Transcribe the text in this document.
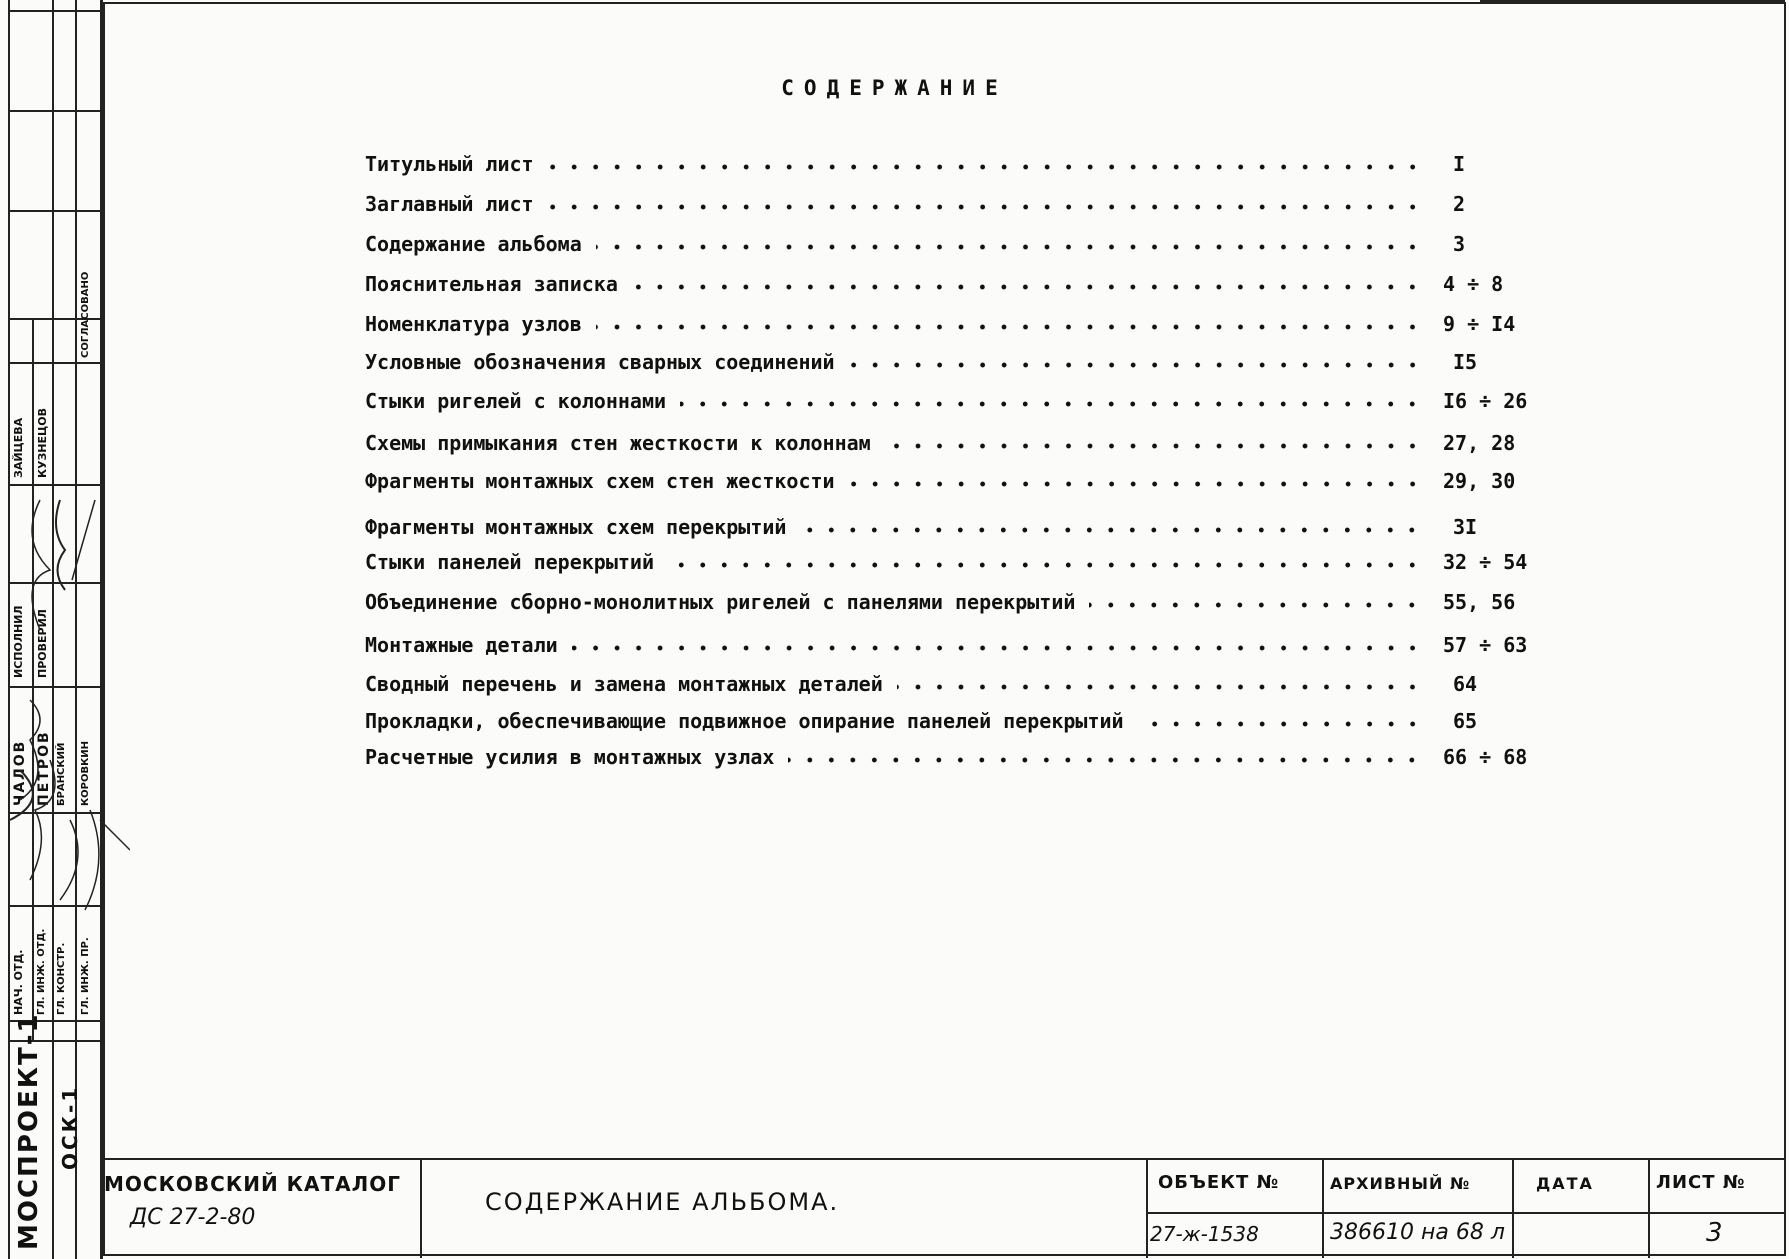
СОДЕРЖАНИЕ
Титульный лист	I
Заглавный лист	2
Содержание альбома	3
Пояснительная записка	4 ÷ 8
Номенклатура узлов	9 ÷ I4
Условные обозначения сварных соединений	I5
Стыки ригелей с колоннами	I6 ÷ 26
Схемы примыкания стен жесткости к колоннам	27, 28
Фрагменты монтажных схем стен жесткости	29, 30
Фрагменты монтажных схем перекрытий	3I
Стыки панелей перекрытий	32 ÷ 54
Объединение сборно-монолитных ригелей с панелями перекрытий	55, 56
Монтажные детали	57 ÷ 63
Сводный перечень и замена монтажных деталей	64
Прокладки, обеспечивающие подвижное опирание панелей перекрытий	65
Расчетные усилия в монтажных узлах	66 ÷ 68
СОГЛАСОВАНО
ЗАЙЦЕВА КУЗНЕЦОВ
ИСПОЛНИЛ ПРОВЕРИЛ
ЧАЛОВ ПЕТРОВ БРАНСКИЙ КОРОВКИН
НАЧ. ОТД. ГЛ. ИНЖ. ОТД. ГЛ. КОНСТР. ГЛ. ИНЖ. ПР.
МОСПРОЕКТ-1 ОСК-1
МОСКОВСКИЙ КАТАЛОГ
ДС 27-2-80
СОДЕРЖАНИЕ АЛЬБОМА.
ОБЪЕКТ №
27-ж-1538
АРХИВНЫЙ №
386610 на 68 л
ДАТА	ЛИСТ №
3
